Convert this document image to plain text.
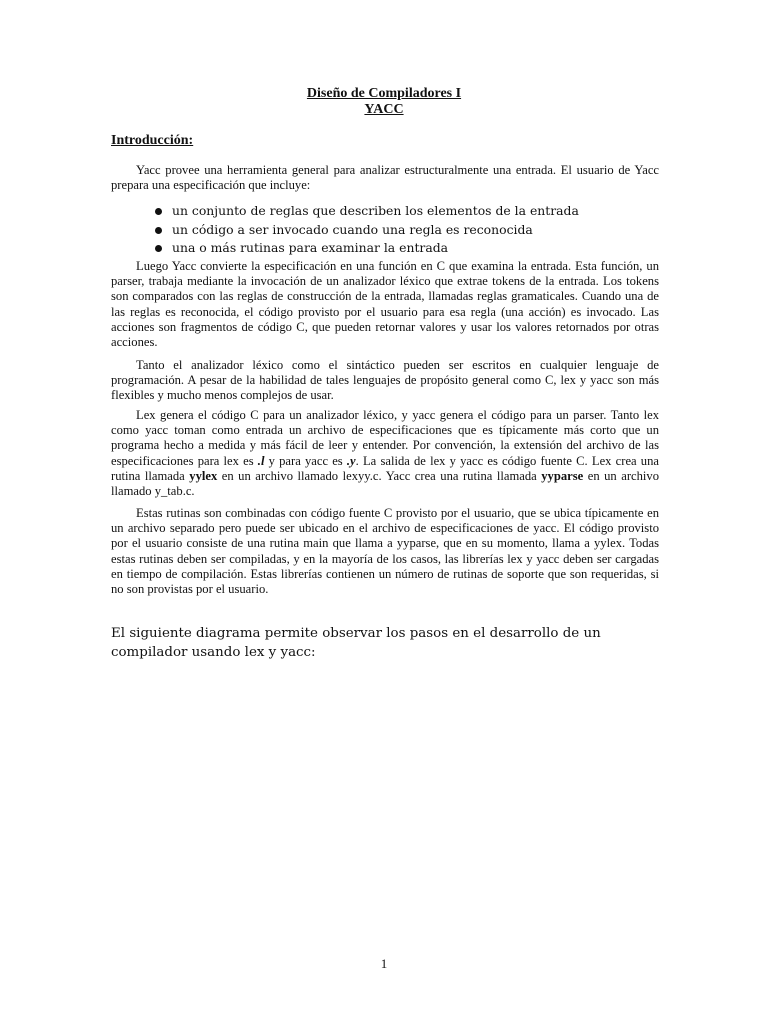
Diseño de Compiladores I
YACC
Introducción:

Yacc provee una herramienta general para analizar estructuralmente una entrada. El usuario de Yacc prepara una especificación que incluye:

un conjunto de reglas que describen los elementos de la entrada
un código a ser invocado cuando una regla es reconocida
una o más rutinas para examinar la entrada

Luego Yacc convierte la especificación en una función en C que examina la entrada. Esta función, un parser, trabaja mediante la invocación de un analizador léxico que extrae tokens de la entrada. Los tokens son comparados con las reglas de construcción de la entrada, llamadas reglas gramaticales. Cuando una de las reglas es reconocida, el código provisto por el usuario para esa regla (una acción) es invocado. Las acciones son fragmentos de código C, que pueden retornar valores y usar los valores retornados por otras acciones.

Tanto el analizador léxico como el sintáctico pueden ser escritos en cualquier lenguaje de programación. A pesar de la habilidad de tales lenguajes de propósito general como C, lex y yacc son más flexibles y mucho menos complejos de usar.

Lex genera el código C para un analizador léxico, y yacc genera el código para un parser. Tanto lex como yacc toman como entrada un archivo de especificaciones que es típicamente más corto que un programa hecho a medida y más fácil de leer y entender. Por convención, la extensión del archivo de las especificaciones para lex es .l y para yacc es .y. La salida de lex y yacc es código fuente C. Lex crea una rutina llamada yylex en un archivo llamado lexyy.c. Yacc crea una rutina llamada yyparse en un archivo llamado y_tab.c.

Estas rutinas son combinadas con código fuente C provisto por el usuario, que se ubica típicamente en un archivo separado pero puede ser ubicado en el archivo de especificaciones de yacc. El código provisto por el usuario consiste de una rutina main que llama a yyparse, que en su momento, llama a yylex. Todas estas rutinas deben ser compiladas, y en la mayoría de los casos, las librerías lex y yacc deben ser cargadas en tiempo de compilación. Estas librerías contienen un número de rutinas de soporte que son requeridas, si no son provistas por el usuario.

El siguiente diagrama permite observar los pasos en el desarrollo de un compilador usando lex y yacc:

1
